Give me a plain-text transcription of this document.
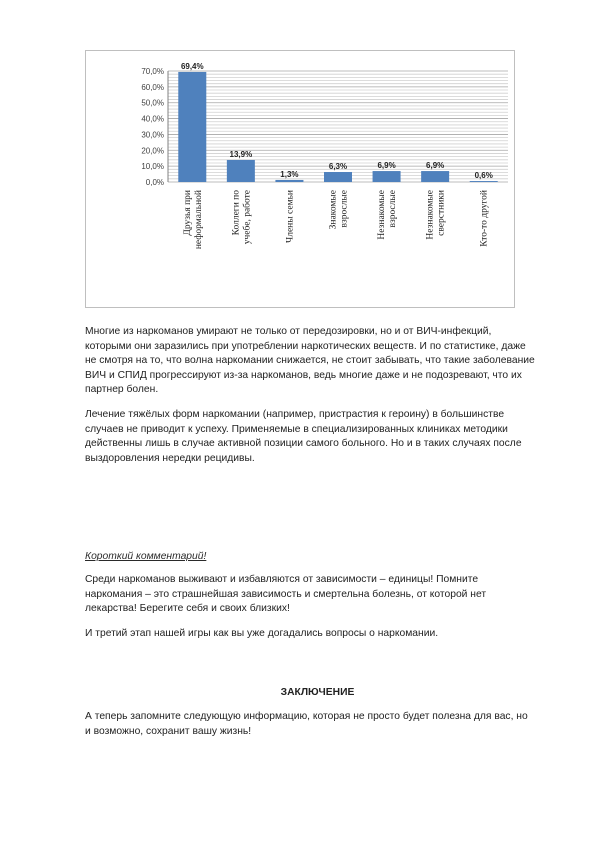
0,0%
10,0%
20,0%
30,0%
40,0%
50,0%
60,0%
70,0%
69,4%
Друзья при неформальной
13,9%
Коллеги по учебе, работе
1,3%
Члены семьи
6,3%
Знакомые взрослые
6,9%
Незнакомые взрослые
6,9%
Незнакомые сверстники
0,6%
Кто-то другой

Многие из наркоманов умирают не только от передозировки, но и от ВИЧ-инфекций, которыми они заразились при употреблении наркотических веществ. И по статистике, даже не смотря на то, что волна наркомании снижается, не стоит забывать, что такие заболевание ВИЧ и СПИД прогрессируют из-за наркоманов, ведь многие даже и не подозревают, что их партнер болен.

Лечение тяжёлых форм наркомании (например, пристрастия к героину) в большинстве случаев не приводит к успеху. Применяемые в специализированных клиниках методики действенны лишь в случае активной позиции самого больного. Но и в таких случаях после выздоровления нередки рецидивы.

Короткий комментарий!

Среди наркоманов выживают и избавляются от зависимости – единицы! Помните наркомания – это страшнейшая зависимость и смертельна болезнь, от которой нет лекарства! Берегите себя и своих близких!

И третий этап нашей игры как вы уже догадались вопросы о наркомании.

ЗАКЛЮЧЕНИЕ

А теперь запомните следующую информацию, которая не просто будет полезна для вас, но и возможно, сохранит вашу жизнь!
